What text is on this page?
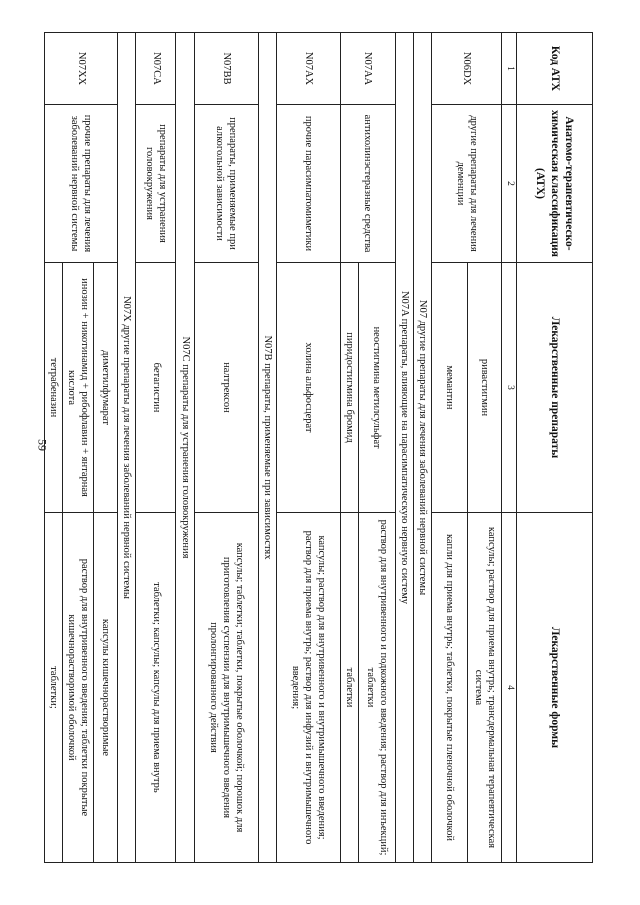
59
Код АТХ	Анатомо-терапевтическо-химическая классификация (АТХ)	Лекарственные препараты	Лекарственные формы
1	2	3	4
N06DX	другие препараты для лечения деменции	ривастигмин	капсулы; раствор для приема внутрь; трансдермальная терапевтическая система
		мемантин	капли для приема внутрь; таблетки, покрытые пленочной оболочкой
N07 другие препараты для лечения заболеваний нервной системы			
N07A препараты, влияющие на парасимпатическую нервную систему			
N07AA	антихолинэстеразные средства	неостигмина метилсульфат	раствор для внутривенного и подкожного введения; раствор для инъекций; таблетки
		пиридостигмина бромид	таблетки
N07AX	прочие парасимпатомиметики	холина альфосцерат	капсулы; раствор для внутривенного и внутримышечного введения; раствор для приема внутрь; раствор для инфузий и внутримышечного введения;
N07B препараты, применяемые при зависимостях			
N07BB	препараты, применяемые при алкогольной зависимости	налтрексон	капсулы; таблетки; таблетки, покрытые оболочкой; порошок для приготовления суспензии для внутримышечного введения пролонгированного действия
N07C препараты для устранения головокружения			
N07CA	препараты для устранения головокружения	бетагистин	таблетки; капсулы; капсулы для приема внутрь
N07X другие препараты для лечения заболеваний нервной системы			
N07XX	прочие препараты для лечения заболеваний нервной системы	диметилфумарат	капсулы кишечнорастворимые
		инозин + никотинамид + рибофлавин + янтарная кислота	раствор для внутривенного введения; таблетки покрытые кишечнорастворимой оболочкой
		тетрабеназин	таблетки;
